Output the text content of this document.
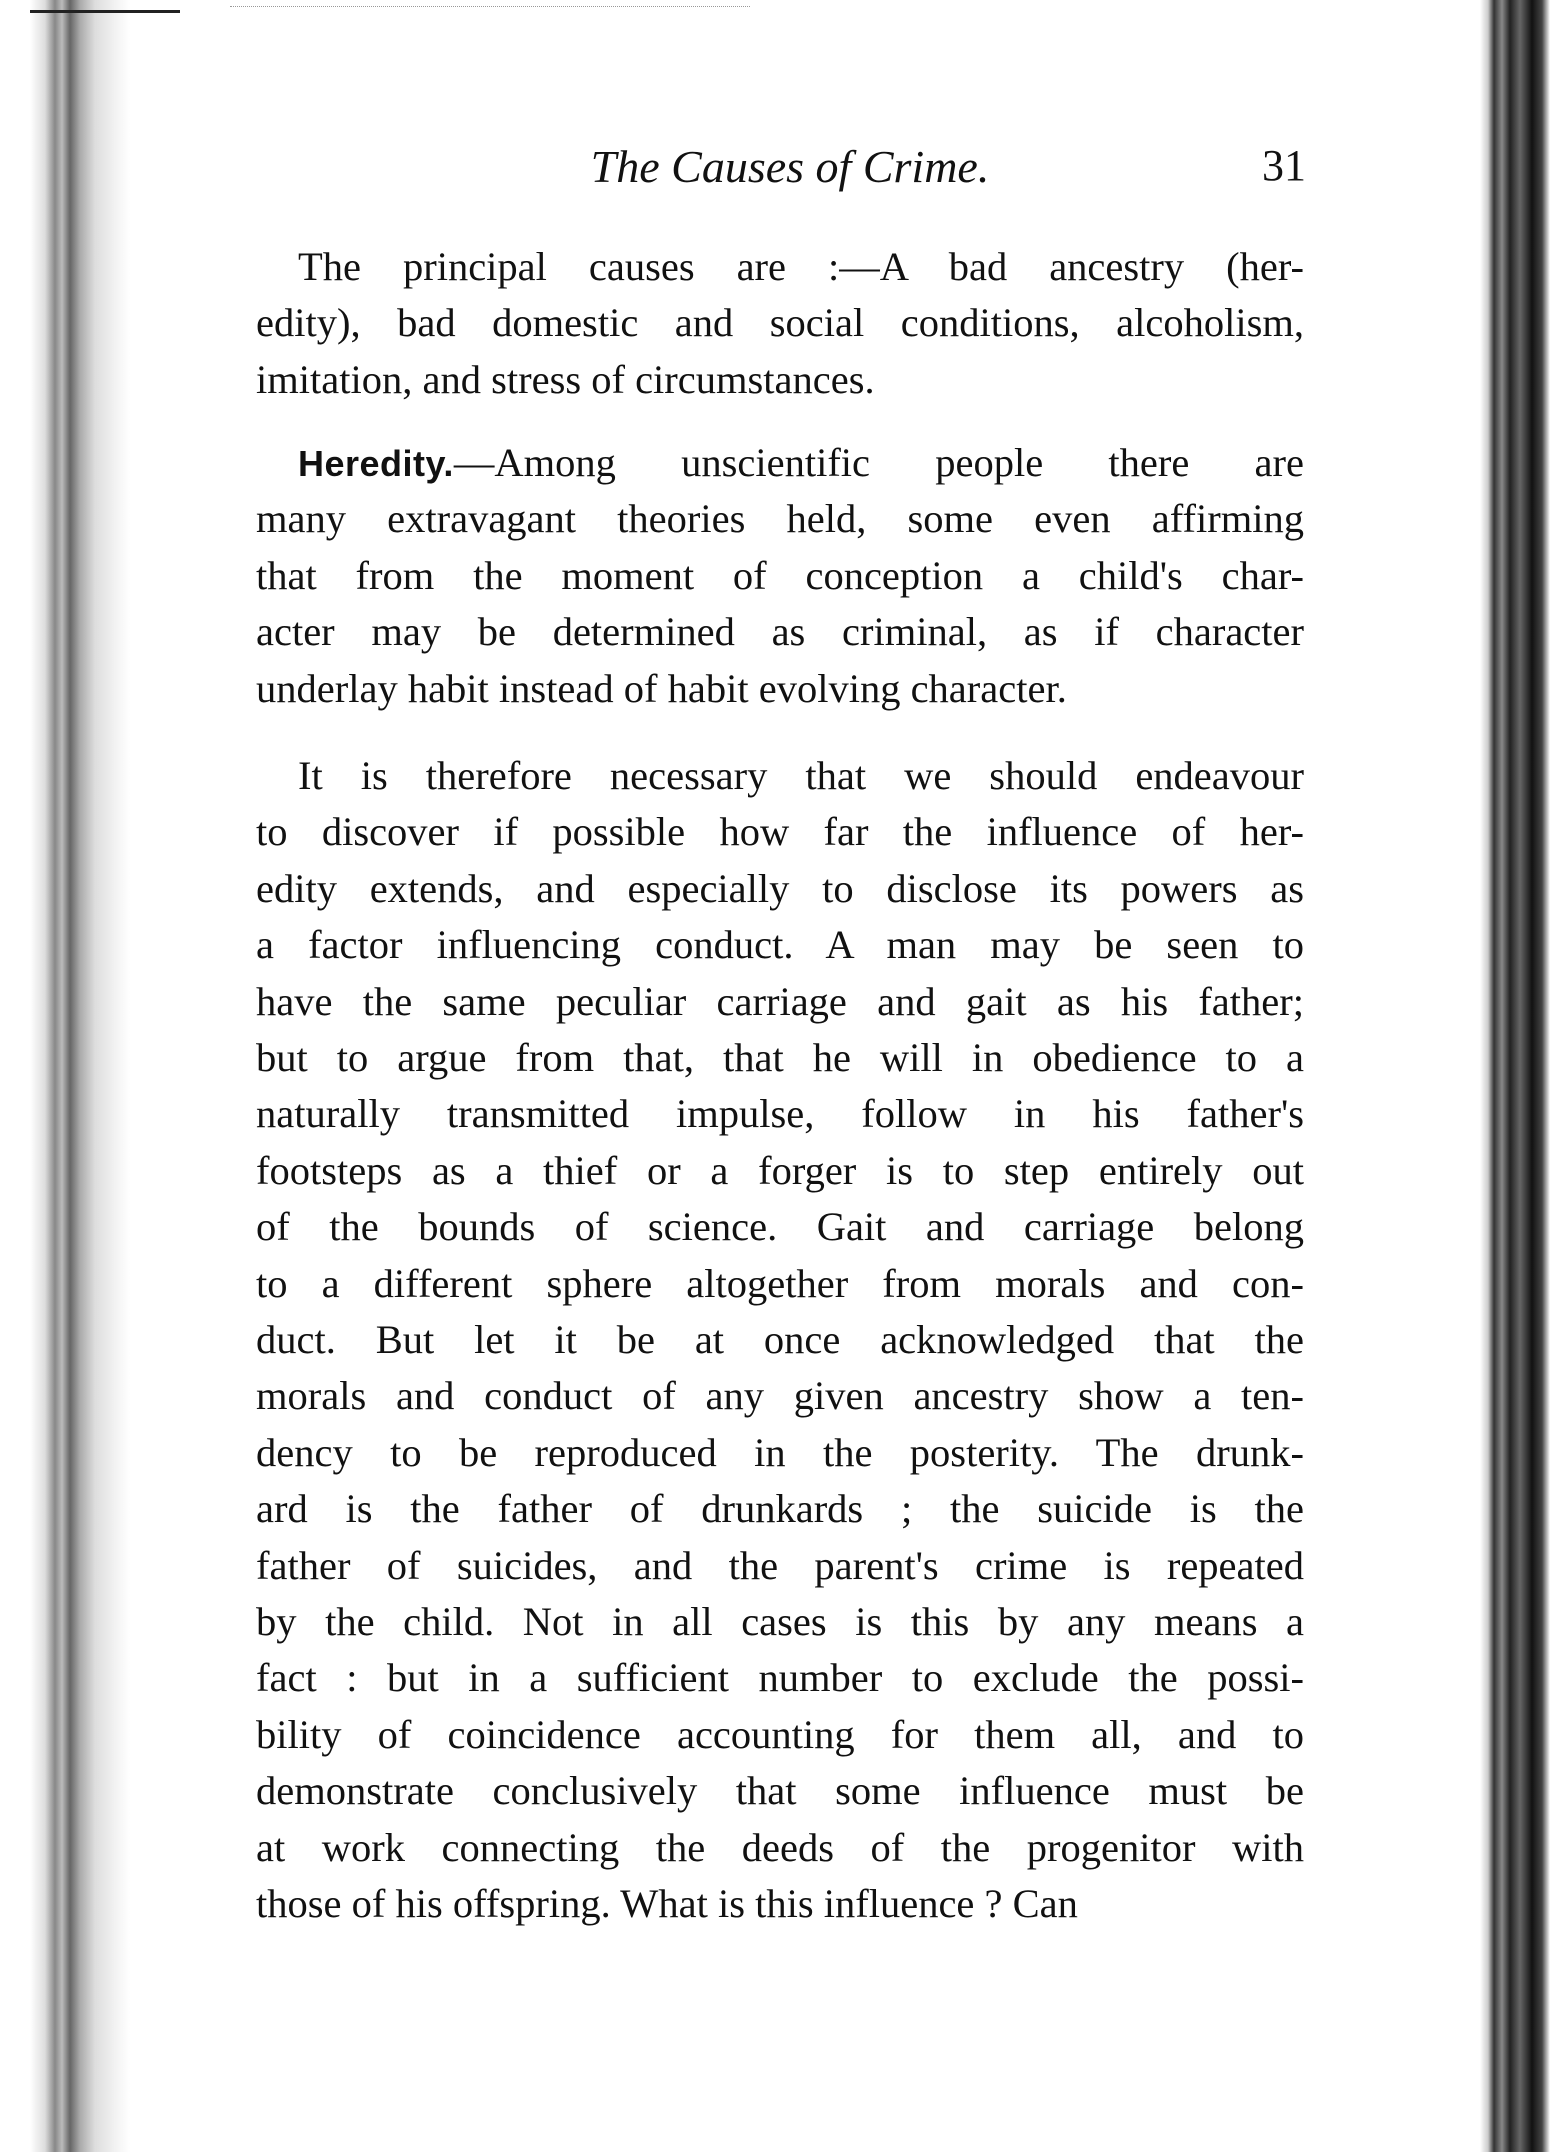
The Causes of Crime.	31
The principal causes are :—A bad ancestry (her-
edity), bad domestic and social conditions, alcoholism,
imitation, and stress of circumstances.
Heredity.—Among unscientific people there are
many extravagant theories held, some even affirming
that from the moment of conception a child's char-
acter may be determined as criminal, as if character
underlay habit instead of habit evolving character.
It is therefore necessary that we should endeavour
to discover if possible how far the influence of her-
edity extends, and especially to disclose its powers as
a factor influencing conduct. A man may be seen to
have the same peculiar carriage and gait as his father;
but to argue from that, that he will in obedience to a
naturally transmitted impulse, follow in his father's
footsteps as a thief or a forger is to step entirely out
of the bounds of science. Gait and carriage belong
to a different sphere altogether from morals and con-
duct. But let it be at once acknowledged that the
morals and conduct of any given ancestry show a ten-
dency to be reproduced in the posterity. The drunk-
ard is the father of drunkards ; the suicide is the
father of suicides, and the parent's crime is repeated
by the child. Not in all cases is this by any means a
fact : but in a sufficient number to exclude the possi-
bility of coincidence accounting for them all, and to
demonstrate conclusively that some influence must be
at work connecting the deeds of the progenitor with
those of his offspring. What is this influence ? Can
